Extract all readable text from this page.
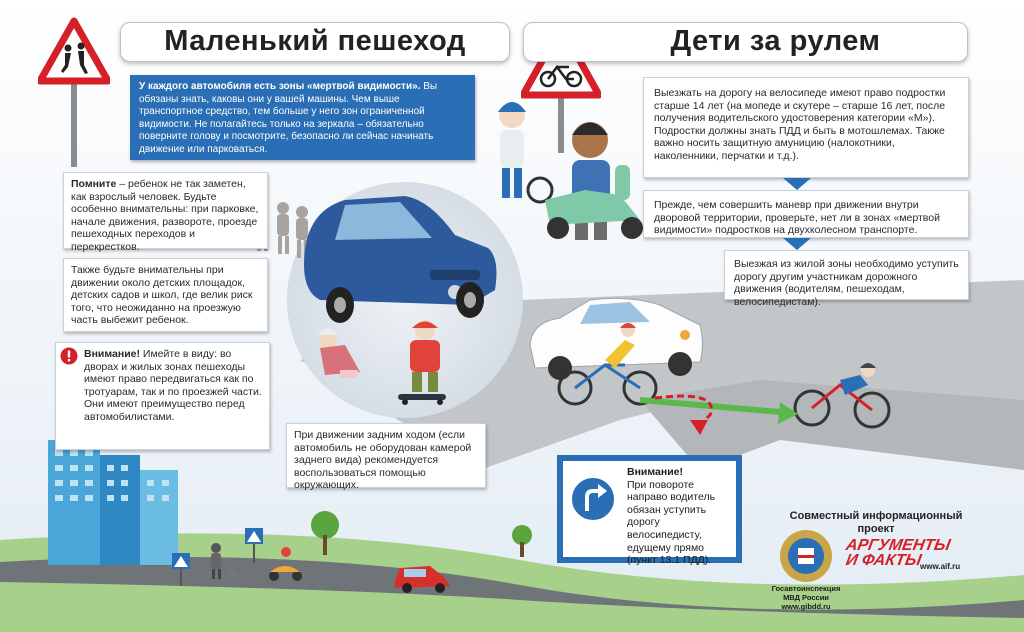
Маленький пешеход	Дети за рулем
У каждого автомобиля есть зоны «мертвой видимости». Вы обязаны знать, каковы они у вашей машины. Чем выше транспортное средство, тем больше у него зон ограниченной видимости. Не полагайтесь только на зеркала – обязательно поверните голову и посмотрите, безопасно ли сейчас начинать движение или парковаться.
Помните – ребенок не так заметен, как взрослый человек. Будьте особенно внимательны: при парковке, начале движения, развороте, проезде пешеходных переходов и перекрестков.
Также будьте внимательны при движении около детских площадок, детских садов и школ, где велик риск того, что неожиданно на проезжую часть выбежит ребенок.
Внимание! Имейте в виду: во дворах и жилых зонах пешеходы имеют право передвигаться как по тротуарам, так и по проезжей части. Они имеют преимущество перед автомобилистами.
При движении задним ходом (если автомобиль не оборудован камерой заднего вида) рекомендуется воспользоваться помощью окружающих.
Выезжать на дорогу на велосипеде имеют право подростки старше 14 лет (на мопеде и скутере – старше 16 лет, после получения водительского удостоверения категории «М»). Подростки должны знать ПДД и быть в мотошлемах. Также важно носить защитную амуницию (налокотники, наколенники, перчатки и т.д.).
Прежде, чем совершить маневр при движении внутри дворовой территории, проверьте, нет ли в зонах «мертвой видимости» подростков на двухколесном транспорте.
Выезжая из жилой зоны необходимо уступить дорогу другим участникам дорожного движения (водителям, пешеходам, велосипедистам).
Внимание!
При повороте направо водитель обязан уступить дорогу велосипедисту, едущему прямо (пункт 13.1 ПДД).
Совместный информационный
проект
Госавтоинспекция
МВД России
www.gibdd.ru
АРГУМЕНТЫ
И ФАКТЫ
www.aif.ru
